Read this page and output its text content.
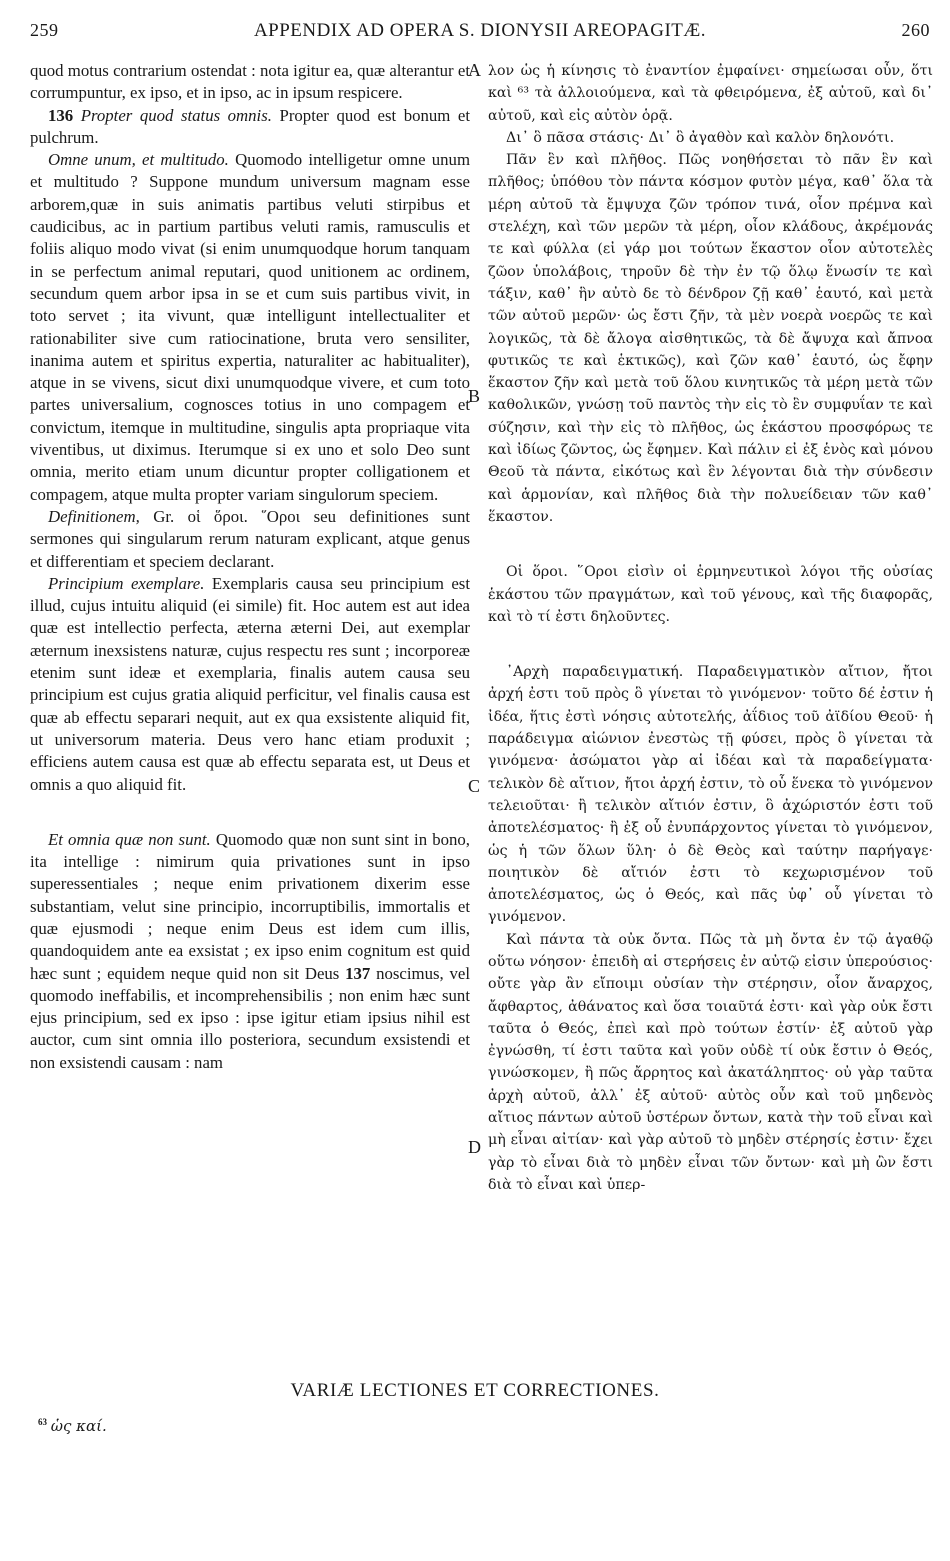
259	APPENDIX AD OPERA S. DIONYSII AREOPAGITÆ.	260

quod motus contrarium ostendat : nota igitur ea, quæ alterantur et corrumpuntur, ex ipso, et in ipso, ac in ipsum respicere.

136 Propter quod status omnis. Propter quod est bonum et pulchrum.

Omne unum, et multitudo. Quomodo intelligetur omne unum et multitudo ? Suppone mundum universum magnam esse arborem,quæ in suis animatis partibus veluti stirpibus et caudicibus, ac in partium partibus veluti ramis, ramusculis et foliis aliquo modo vivat (si enim unumquodque horum tanquam in se perfectum animal reputari, quod unitionem ac ordinem, secundum quem arbor ipsa in se et cum suis partibus vivit, in toto servet ; ita vivunt, quæ intelligunt intellectualiter et rationabiliter sive cum ratiocinatione, bruta vero sensiliter, inanima autem et spiritus expertia, naturaliter ac habitualiter), atque in se vivens, sicut dixi unumquodque vivere, et cum toto partes universalium, cognosces totius in uno compagem et convictum, itemque in multitudine, singulis apta propriaque vita viventibus, ut diximus. Iterumque si ex uno et solo Deo sunt omnia, merito etiam unum dicuntur propter colligationem et compagem, atque multa propter variam singulorum speciem.

Definitionem, Gr. οἱ ὅροι. ῞Οροι seu definitiones sunt sermones qui singularum rerum naturam explicant, atque genus et differentiam et speciem declarant.

Principium exemplare. Exemplaris causa seu principium est illud, cujus intuitu aliquid (ei simile) fit. Hoc autem est aut idea quæ est intellectio perfecta, æterna æterni Dei, aut exemplar æternum inexsistens naturæ, cujus respectu res sunt ; incorporeæ etenim sunt ideæ et exemplaria, finalis autem causa seu principium est cujus gratia aliquid perficitur, vel finalis causa est quæ ab effectu separari nequit, aut ex qua exsistente aliquid fit, ut universorum materia. Deus vero hanc etiam produxit ; efficiens autem causa est quæ ab effectu separata est, ut Deus et omnis a quo aliquid fit.

Et omnia quæ non sunt. Quomodo quæ non sunt sint in bono, ita intellige : nimirum quia privationes sunt in ipso superessentiales ; neque enim privationem dixerim esse substantiam, velut sine principio, incorruptibilis, immortalis et quæ ejusmodi ; neque enim Deus est idem cum illis, quandoquidem ante ea exsistat ; ex ipso enim cognitum est quid hæc sunt ; equidem neque quid non sit Deus 137 noscimus, vel quomodo ineffabilis, et incomprehensibilis ; non enim hæc sunt ejus principium, sed ex ipso : ipse igitur etiam ipsius nihil est auctor, cum sint omnia illo posteriora, secundum exsistendi et non exsistendi causam : nam

A
B
C
D

λον ὡς ἡ κίνησις τὸ ἐναντίον ἐμφαίνει· σημείωσαι οὖν, ὅτι καὶ ⁶³ τὰ ἀλλοιούμενα, καὶ τὰ φθειρόμενα, ἐξ αὐτοῦ, καὶ δι᾽ αὐτοῦ, καὶ εἰς αὐτὸν ὁρᾷ.

Δι᾽ ὃ πᾶσα στάσις· Δι᾽ ὃ ἀγαθὸν καὶ καλὸν δηλονότι.

Πᾶν ἓν καὶ πλῆθος. Πῶς νοηθήσεται τὸ πᾶν ἓν καὶ πλῆθος; ὑπόθου τὸν πάντα κόσμον φυτὸν μέγα, καθ᾽ ὅλα τὰ μέρη αὐτοῦ τὰ ἔμψυχα ζῶν τρόπον τινά, οἷον πρέμνα καὶ στελέχη, καὶ τῶν μερῶν τὰ μέρη, οἷον κλάδους, ἀκρέμονάς τε καὶ φύλλα (εἰ γάρ μοι τούτων ἕκαστον οἷον αὐτοτελὲς ζῶον ὑπολάβοις, τηροῦν δὲ τὴν ἐν τῷ ὅλῳ ἕνωσίν τε καὶ τάξιν, καθ᾽ ἣν αὐτὸ δε τὸ δένδρον ζῇ καθ᾽ ἑαυτό, καὶ μετὰ τῶν αὐτοῦ μερῶν· ὡς ἔστι ζῆν, τὰ μὲν νοερὰ νοερῶς τε καὶ λογικῶς, τὰ δὲ ἄλογα αἰσθητικῶς, τὰ δὲ ἄψυχα καὶ ἄπνοα φυτικῶς τε καὶ ἑκτικῶς), καὶ ζῶν καθ᾽ ἑαυτό, ὡς ἔφην ἕκαστον ζῆν καὶ μετὰ τοῦ ὅλου κινητικῶς τὰ μέρη μετὰ τῶν καθολικῶν, γνώσῃ τοῦ παντὸς τὴν εἰς τὸ ἓν συμφυΐαν τε καὶ σύζησιν, καὶ τὴν εἰς τὸ πλῆθος, ὡς ἑκάστου προσφόρως τε καὶ ἰδίως ζῶντος, ὡς ἔφημεν. Καὶ πάλιν εἰ ἐξ ἑνὸς καὶ μόνου Θεοῦ τὰ πάντα, εἰκότως καὶ ἓν λέγονται διὰ τὴν σύνδεσιν καὶ ἁρμονίαν, καὶ πλῆθος διὰ τὴν πολυείδειαν τῶν καθ᾽ ἕκαστον.

Οἱ ὅροι. ῞Οροι εἰσὶν οἱ ἑρμηνευτικοὶ λόγοι τῆς οὐσίας ἑκάστου τῶν πραγμάτων, καὶ τοῦ γένους, καὶ τῆς διαφορᾶς, καὶ τὸ τί ἐστι δηλοῦντες.

᾽Αρχὴ παραδειγματική. Παραδειγματικὸν αἴτιον, ἤτοι ἀρχή ἐστι τοῦ πρὸς ὃ γίνεται τὸ γινόμενον· τοῦτο δέ ἐστιν ἡ ἰδέα, ἥτις ἐστὶ νόησις αὐτοτελής, ἀΐδιος τοῦ ἀϊδίου Θεοῦ· ἡ παράδειγμα αἰώνιον ἐνεστὼς τῇ φύσει, πρὸς ὃ γίνεται τὰ γινόμενα· ἀσώματοι γὰρ αἱ ἰδέαι καὶ τὰ παραδείγματα· τελικὸν δὲ αἴτιον, ἤτοι ἀρχή ἐστιν, τὸ οὗ ἕνεκα τὸ γινόμενον τελειοῦται· ἢ τελικὸν αἴτιόν ἐστιν, ὃ ἀχώριστόν ἐστι τοῦ ἀποτελέσματος· ἢ ἐξ οὗ ἐνυπάρχοντος γίνεται τὸ γινόμενον, ὡς ἡ τῶν ὅλων ὕλη· ὁ δὲ Θεὸς καὶ ταύτην παρήγαγε· ποιητικὸν δὲ αἴτιόν ἐστι τὸ κεχωρισμένον τοῦ ἀποτελέσματος, ὡς ὁ Θεός, καὶ πᾶς ὑφ᾽ οὗ γίνεται τὸ γινόμενον.

Καὶ πάντα τὰ οὐκ ὄντα. Πῶς τὰ μὴ ὄντα ἐν τῷ ἀγαθῷ οὕτω νόησον· ἐπειδὴ αἱ στερήσεις ἐν αὐτῷ εἰσιν ὑπερούσιος· οὔτε γὰρ ἂν εἴποιμι οὐσίαν τὴν στέρησιν, οἷον ἄναρχος, ἄφθαρτος, ἀθάνατος καὶ ὅσα τοιαῦτά ἐστι· καὶ γὰρ οὐκ ἔστι ταῦτα ὁ Θεός, ἐπεὶ καὶ πρὸ τούτων ἐστίν· ἐξ αὐτοῦ γὰρ ἐγνώσθη, τί ἐστι ταῦτα καὶ γοῦν οὐδὲ τί οὐκ ἔστιν ὁ Θεός, γινώσκομεν, ἢ πῶς ἄρρητος καὶ ἀκατάληπτος· οὐ γὰρ ταῦτα ἀρχὴ αὐτοῦ, ἀλλ᾽ ἐξ αὐτοῦ· αὐτὸς οὖν καὶ τοῦ μηδενὸς αἴτιος πάντων αὐτοῦ ὑστέρων ὄντων, κατὰ τὴν τοῦ εἶναι καὶ μὴ εἶναι αἰτίαν· καὶ γὰρ αὐτοῦ τὸ μηδὲν στέρησίς ἐστιν· ἔχει γὰρ τὸ εἶναι διὰ τὸ μηδὲν εἶναι τῶν ὄντων· καὶ μὴ ὢν ἔστι διὰ τὸ εἶναι καὶ ὑπερ-

VARIÆ LECTIONES ET CORRECTIONES.
$^{63}$ ὡς καί.
